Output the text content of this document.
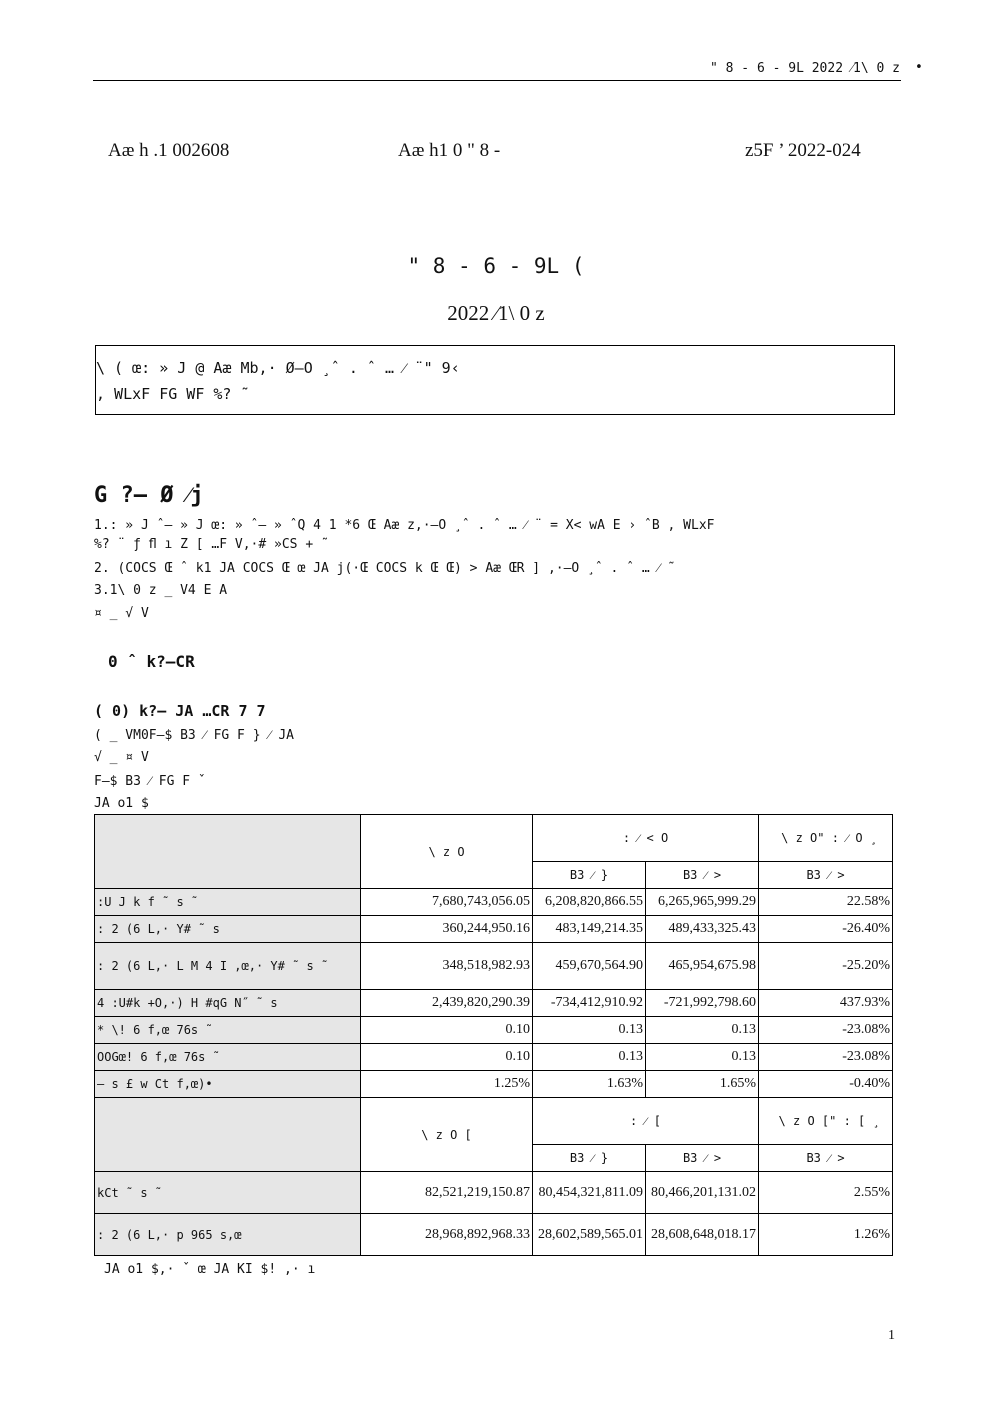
" 8 - 6 - 9L 2022 ⁄1\ 0 z •
Aæ h .1 002608	Aæ h1 0 " 8 -	z5F ’ 2022-024
" 8 - 6 - 9L (
2022 ⁄1\ 0 z
\ ( œ: » J @ Aæ Mb,· Ø–O ̧ ˆ . ˆ … ⁄ ¨" 9‹
, WLxF FG WF %? ˜
G ?– Ø ⁄j
1.: » J ˆ– » J œ: » ˆ– » ˆQ 4 1 *6 Œ Aæ z,·–O ̧ ˆ . ˆ … ⁄ ¨ = X< wA E › ˆB , WLxF
%? ¨ ƒ ﬂ ı Z [ …F V,·# »CS + ˜
2. (COCS Œ ˆ k1 JA COCS Œ œ JA j(·Œ COCS k Œ Œ) > Aæ ŒR ] ,·–O ̧ ˆ . ˆ … ⁄ ˜
3.1\ 0 z _ V4 E A
¤ _ √ V
0 ˆ k?–CR
( 0) k?– JA …CR 7 7
( _ VM0F–$ B3 ⁄ FG F } ⁄ JA
√ _ ¤ V
F–$ B3 ⁄ FG F ˇ
JA o1 $
	\ z O	: ⁄ < O		\ z O" : ⁄ O ̧
		B3 ⁄ }	B3 ⁄ >	B3 ⁄ >
:U J k f ˜ s ˜	7,680,743,056.05	6,208,820,866.55	6,265,965,999.29	22.58%
: 2 (6 L,· Y# ˜ s	360,244,950.16	483,149,214.35	489,433,325.43	-26.40%
: 2 (6 L,· L M 4 I ,œ,· Y# ˜ s ˜	348,518,982.93	459,670,564.90	465,954,675.98	-25.20%
4 :U#k +O,·) H #qG N˝ ˜ s	2,439,820,290.39	-734,412,910.92	-721,992,798.60	437.93%
* \! 6 f,œ 76s ˜	0.10	0.13	0.13	-23.08%
OOGœ! 6 f,œ 76s ˜	0.10	0.13	0.13	-23.08%
– s £ w Ct f,œ)•	1.25%	1.63%	1.65%	-0.40%
	\ z O [	: ⁄ [		\ z O [" : [ ̧
		B3 ⁄ }	B3 ⁄ >	B3 ⁄ >
kCt ˜ s ˜	82,521,219,150.87	80,454,321,811.09	80,466,201,131.02	2.55%
: 2 (6 L,· p 965 s,œ	28,968,892,968.33	28,602,589,565.01	28,608,648,018.17	1.26%
JA o1 $,· ˇ œ JA KI $! ,· ı
1
